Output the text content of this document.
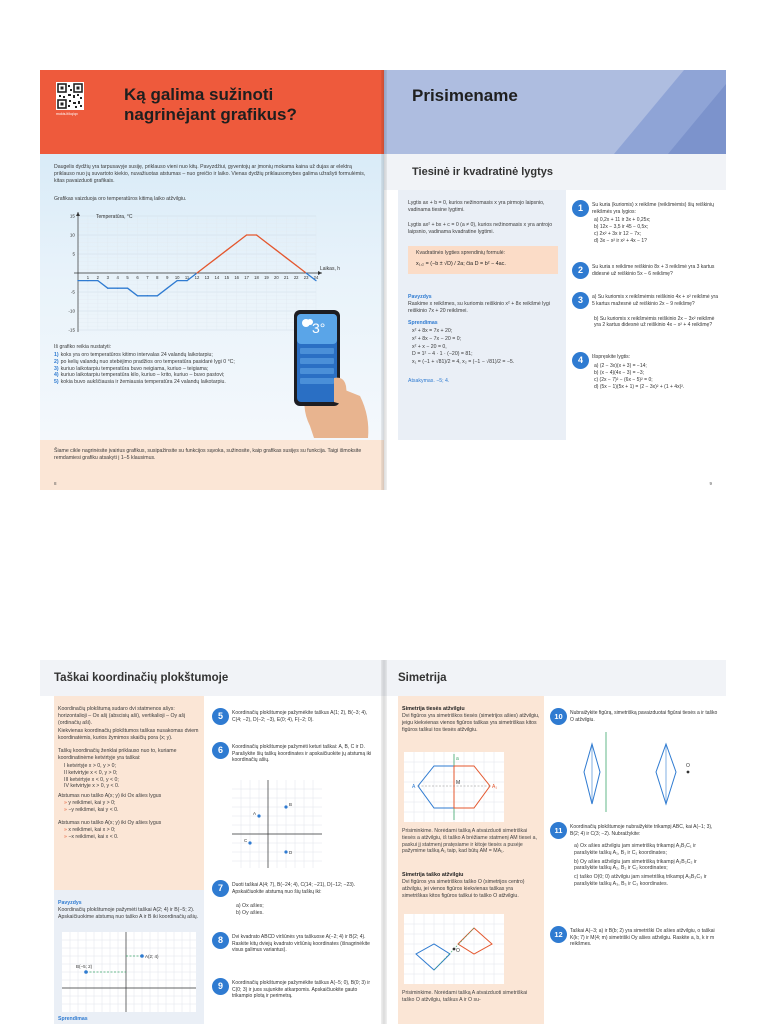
mokis.lt/kq/qx
Ką galima sužinoti
nagrinėjant grafikus?
Daugelis dydžių yra tarpusavyje susiję, priklauso vieni nuo kitų. Pavyzdžiui, gyventojų ar įmonių mokama kaina už dujas ar elektrą priklauso nuo jų suvartoto kiekio, nuvažiuotas atstumas – nuo greičio ir laiko. Vienas dydžių priklausomybes galima užrašyti formulėmis, kitas pavaizduoti grafikais.
Grafikas vaizduoja oro temperatūros kitimą laiko atžvilgiu.
-15
-10
-5
5
10
15
1 2 3 4 5 6 7 8 9 10 11 12 13 14 15 16 17 18 19 20 21 22 23 24
Temperatūra, °C
Laikas, h
Iš grafiko reikia nustatyti:
1) koks yra oro temperatūros kitimo intervalas 24 valandų laikotarpiu;
2) po kelių valandų nuo stebėjimo pradžios oro temperatūra pasidarė lygi 0 °C;
3) kuriuo laikotarpiu temperatūra buvo neigiama, kuriuo – teigiama;
4) kuriuo laikotarpiu temperatūra kilo, kuriuo – krito, kuriuo – buvo pastovi;
5) kokia buvo aukščiausia ir žemiausia temperatūra 24 valandų laikotarpiu.
3°
Šiame cikle nagrinėsite įvairius grafikus, susipažinsite su funkcijos sąvoka, sužinosite, kaip grafikas susijęs su funkcija. Taigi išmoksite remdamiesi grafiku atsakyti į 1–5 klausimus.
8
Prisimename
Tiesinė ir kvadratinė lygtys
Lygtis ax + b = 0, kurios nežinomasis x yra pirmojo laipsnio, vadinama tiesine lygtimi.
Lygtis ax² + bx + c = 0 (a ≠ 0), kurios nežinomasis x yra antrojo laipsnio, vadinama kvadratine lygtimi.
Kvadratinės lygties sprendinių formulė:
x₁,₂ = (−b ± √D) / 2a; čia D = b² − 4ac.
Pavyzdys
Raskime x reikšmes, su kuriomis reiškinio x² + 8x reikšmė lygi reiškinio 7x + 20 reikšmei.
Sprendimas
x² + 8x = 7x + 20;
x² + 8x − 7x − 20 = 0;
x² + x − 20 = 0,
D = 1² − 4 · 1 · (−20) = 81;
x₁ = (−1 + √81)/2 = 4, x₂ = (−1 − √81)/2 = −5.
Atsakymas. −5; 4.
1	Su kuria (kuriomis) x reikšme (reikšmėmis) šių reiškinių reikšmės yra lygios:
a) 0,2x + 11 ir 3x + 0,25x;
b) 12x − 3,5 ir 45 − 0,5x;
c) 2x² + 3x ir 12 − 7x;
d) 3x − x² ir x² + 4x − 1?
2	Su kuria x reikšme reiškinio 8x + 3 reikšmė yra 3 kartus didesnė už reiškinio 5x − 6 reikšmę?
3	a) Su kuriomis x reikšmėmis reiškinio 4x + x² reikšmė yra 5 kartus mažesnė už reiškinio 2x − 9 reikšmę?
b) Su kuriomis x reikšmėmis reiškinio 2x − 3x² reikšmė yra 2 kartus didesnė už reiškinio 4x − x² + 4 reikšmę?
4	Išspręskite lygtis:
a) (2 − 3x)(x + 3) = −14;
b) (x − 4)(4x − 3) = −3;
c) (2x − 7)² − (6x − 5)² = 0;
d) (5x − 1)(5x + 1) = (2 − 3x)² + (1 + 4x)².
9
Taškai koordinačių plokštumoje
Koordinačių plokštumą sudaro dvi statmenos ašys: horizontalioji – Ox ašį (abscisių aši), vertikalioji – Oy ašį (ordinačių aši).
Kiekvienas koordinačių plokštumos taškas nusakomas dviem koordinatėmis, kurios žymimos skaičių pora (x; y).
Taškų koordinačių ženklai priklauso nuo to, kuriame koordinatinėme ketvirtyje yra taškai:
I ketvirtyje x > 0, y > 0;
II ketvirtyje x < 0, y > 0;
III ketvirtyje x < 0, y < 0;
IV ketvirtyje x > 0, y < 0.
Atstumas nuo taško A(x; y) iki Ox ašies lygus
» y reikšmei, kai y > 0;
» −y reikšmei, kai y < 0.
Atstumas nuo taško A(x; y) iki Oy ašies lygus
» x reikšmei, kai x > 0;
» −x reikšmei, kai x < 0.
Pavyzdys
Koordinačių plokštumoje pažymėti taškai A(2; 4) ir B(−5; 2). Apskaičiuokime atstumą nuo taško A ir B iki koordinačių ašių.
A(2; 4)
B(−5; 2)
Sprendimas
5	Koordinačių plokštumoje pažymėkite taškus A(1; 2), B(−3; 4), C(4; −2), D(−2; −3), E(0; 4), F(−2; 0).
6	Koordinačių plokštumoje pažymėti keturi taškai: A, B, C ir D. Parašykite šių taškų koordinates ir apskaičiuokite jų atstumą iki koordinačių ašių.
B
A
C
D
7	Duoti taškai A(4; 7), B(−24; 4), C(14; −21), D(−12; −23). Apskaičiuokite atstumą nuo šių taškų iki:
a) Ox ašies;
b) Oy ašies.
8	Dvi kvadrato ABCD viršūnės yra taškuose A(−2; 4) ir B(2; 4). Raskite kitų dviejų kvadrato viršūnių koordinates (išnagrinėkite visus galimus variantus).
9	Koordinačių plokštumoje pažymėkite taškus A(−5; 0), B(0; 3) ir C(0; 3) ir juos sujunkite atkarpomis. Apskaičiuokite gauto trikampio plotą ir perimetrą.
Simetrija
Simetrija tiesės atžvilgiu
Dvi figūros yra simetriškos tiesės (simetrijos ašies) atžvilgiu, jeigu kiekvienas vienos figūros taškas yra simetriškas kitos figūros taškui tos tiesės atžvilgiu.
A	A₁
M
a
Prisiminkime. Norėdami tašką A atvaizduoti simetriškai tiesės a atžvilgiu, iš taško A brėžiame statmenį AM tiesei a, paskui jį statmenį pratęsiame ir kitoje tiesės a pusėje pažymime tašką A₁ taip, kad būtų AM = MA₁.
Simetrija taško atžvilgiu
Dvi figūros yra simetriškos taško O (simetrijos centro) atžvilgiu, jei vienos figūros kiekvienas taškas yra simetriškas kitos figūros taškui to taško O atžvilgiu.
O
Prisiminkime. Norėdami tašką A atvaizduoti simetriškai taško O atžvilgiu, taškus A ir O su-
10	Nubraižykite figūrą, simetrišką pavaizduotai figūrai tiesės a ir taško O atžvilgiu.
O
11	Koordinačių plokštumoje nubraižykite trikampį ABC, kai A(−1; 3), B(2; 4) ir C(3; −2). Nubraižykite:
a) Ox ašies atžvilgiu jam simetrišką trikampį A₁B₁C₁ ir parašykite taškų A₁, B₁ ir C₁ koordinates;
b) Oy ašies atžvilgiu jam simetrišką trikampį A₂B₂C₂ ir parašykite taškų A₂, B₂ ir C₂ koordinates;
c) taško O(0; 0) atžvilgiu jam simetrišką trikampį A₃B₃C₃ ir parašykite taškų A₃, B₃ ir C₃ koordinates.
12	Taškai A(−3; a) ir B(b; 2) yra simetriški Ox ašies atžvilgiu, o taškai K(k; 7) ir M(4; m) simetriški Oy ašies atžvilgiu. Raskite a, b, k ir m reikšmes.
